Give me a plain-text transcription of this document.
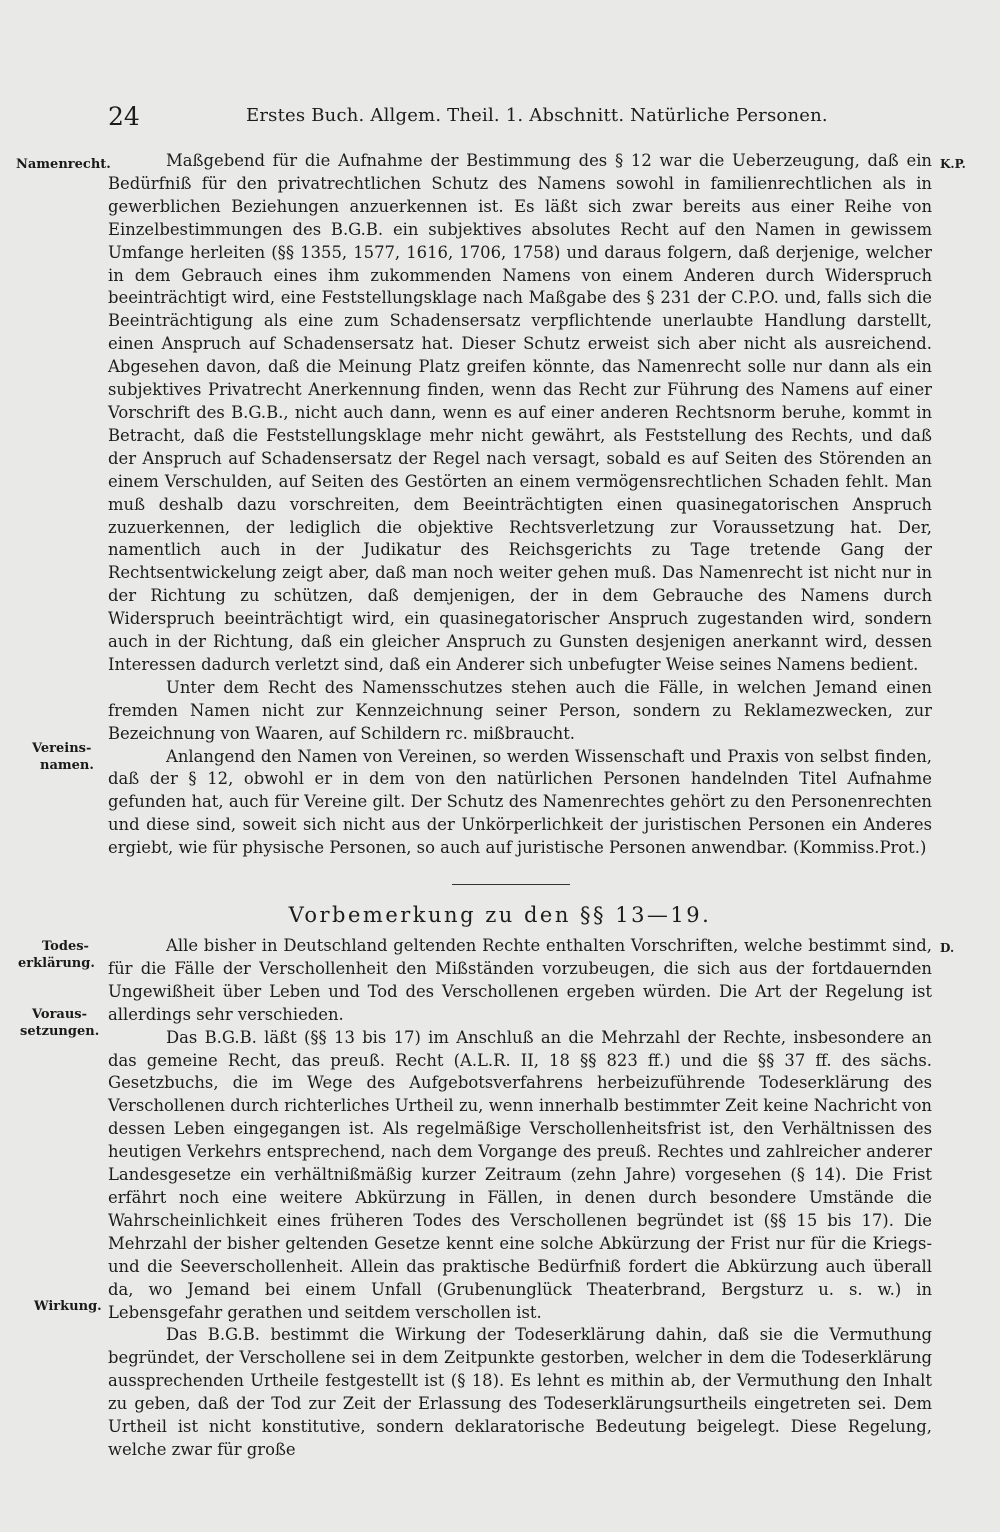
24	Erstes Buch. Allgem. Theil. 1. Abschnitt. Natürliche Personen.
Namenrecht.	K.P.
Vereins-
namen.
Todes-
erklärung.
D.
Voraus-
setzungen.
Wirkung.

Maßgebend für die Aufnahme der Bestimmung des § 12 war die Ueberzeugung, daß ein Bedürfniß für den privatrechtlichen Schutz des Namens sowohl in familienrechtlichen als in gewerblichen Beziehungen anzuerkennen ist. Es läßt sich zwar bereits aus einer Reihe von Einzelbestimmungen des B.G.B. ein subjektives absolutes Recht auf den Namen in gewissem Umfange herleiten (§§ 1355, 1577, 1616, 1706, 1758) und daraus folgern, daß derjenige, welcher in dem Gebrauch eines ihm zukommenden Namens von einem Anderen durch Widerspruch beeinträchtigt wird, eine Feststellungsklage nach Maßgabe des § 231 der C.P.O. und, falls sich die Beeinträchtigung als eine zum Schadensersatz verpflichtende unerlaubte Handlung darstellt, einen Anspruch auf Schadensersatz hat. Dieser Schutz erweist sich aber nicht als ausreichend. Abgesehen davon, daß die Meinung Platz greifen könnte, das Namenrecht solle nur dann als ein subjektives Privatrecht Anerkennung finden, wenn das Recht zur Führung des Namens auf einer Vorschrift des B.G.B., nicht auch dann, wenn es auf einer anderen Rechtsnorm beruhe, kommt in Betracht, daß die Feststellungsklage mehr nicht gewährt, als Feststellung des Rechts, und daß der Anspruch auf Schadensersatz der Regel nach versagt, sobald es auf Seiten des Störenden an einem Verschulden, auf Seiten des Gestörten an einem vermögensrechtlichen Schaden fehlt. Man muß deshalb dazu vorschreiten, dem Beeinträchtigten einen quasinegatorischen Anspruch zuzuerkennen, der lediglich die objektive Rechtsverletzung zur Voraussetzung hat. Der, namentlich auch in der Judikatur des Reichsgerichts zu Tage tretende Gang der Rechtsentwickelung zeigt aber, daß man noch weiter gehen muß. Das Namenrecht ist nicht nur in der Richtung zu schützen, daß demjenigen, der in dem Gebrauche des Namens durch Widerspruch beeinträchtigt wird, ein quasinegatorischer Anspruch zugestanden wird, sondern auch in der Richtung, daß ein gleicher Anspruch zu Gunsten desjenigen anerkannt wird, dessen Interessen dadurch verletzt sind, daß ein Anderer sich unbefugter Weise seines Namens bedient.

Unter dem Recht des Namensschutzes stehen auch die Fälle, in welchen Jemand einen fremden Namen nicht zur Kennzeichnung seiner Person, sondern zu Reklamezwecken, zur Bezeichnung von Waaren, auf Schildern rc. mißbraucht.

Anlangend den Namen von Vereinen, so werden Wissenschaft und Praxis von selbst finden, daß der § 12, obwohl er in dem von den natürlichen Personen handelnden Titel Aufnahme gefunden hat, auch für Vereine gilt. Der Schutz des Namenrechtes gehört zu den Personenrechten und diese sind, soweit sich nicht aus der Unkörperlichkeit der juristischen Personen ein Anderes ergiebt, wie für physische Personen, so auch auf juristische Personen anwendbar. (Kommiss.Prot.)

Vorbemerkung zu den §§ 13—19.

Alle bisher in Deutschland geltenden Rechte enthalten Vorschriften, welche bestimmt sind, für die Fälle der Verschollenheit den Mißständen vorzubeugen, die sich aus der fortdauernden Ungewißheit über Leben und Tod des Verschollenen ergeben würden. Die Art der Regelung ist allerdings sehr verschieden.

Das B.G.B. läßt (§§ 13 bis 17) im Anschluß an die Mehrzahl der Rechte, insbesondere an das gemeine Recht, das preuß. Recht (A.L.R. II, 18 §§ 823 ff.) und die §§ 37 ff. des sächs. Gesetzbuchs, die im Wege des Aufgebotsverfahrens herbeizuführende Todeserklärung des Verschollenen durch richterliches Urtheil zu, wenn innerhalb bestimmter Zeit keine Nachricht von dessen Leben eingegangen ist. Als regelmäßige Verschollenheitsfrist ist, den Verhältnissen des heutigen Verkehrs entsprechend, nach dem Vorgange des preuß. Rechtes und zahlreicher anderer Landesgesetze ein verhältnißmäßig kurzer Zeitraum (zehn Jahre) vorgesehen (§ 14). Die Frist erfährt noch eine weitere Abkürzung in Fällen, in denen durch besondere Umstände die Wahrscheinlichkeit eines früheren Todes des Verschollenen begründet ist (§§ 15 bis 17). Die Mehrzahl der bisher geltenden Gesetze kennt eine solche Abkürzung der Frist nur für die Kriegs- und die Seeverschollenheit. Allein das praktische Bedürfniß fordert die Abkürzung auch überall da, wo Jemand bei einem Unfall (Grubenunglück Theaterbrand, Bergsturz u. s. w.) in Lebensgefahr gerathen und seitdem verschollen ist.

Das B.G.B. bestimmt die Wirkung der Todeserklärung dahin, daß sie die Vermuthung begründet, der Verschollene sei in dem Zeitpunkte gestorben, welcher in dem die Todeserklärung aussprechenden Urtheile festgestellt ist (§ 18). Es lehnt es mithin ab, der Vermuthung den Inhalt zu geben, daß der Tod zur Zeit der Erlassung des Todeserklärungsurtheils eingetreten sei. Dem Urtheil ist nicht konstitutive, sondern deklaratorische Bedeutung beigelegt. Diese Regelung, welche zwar für große
